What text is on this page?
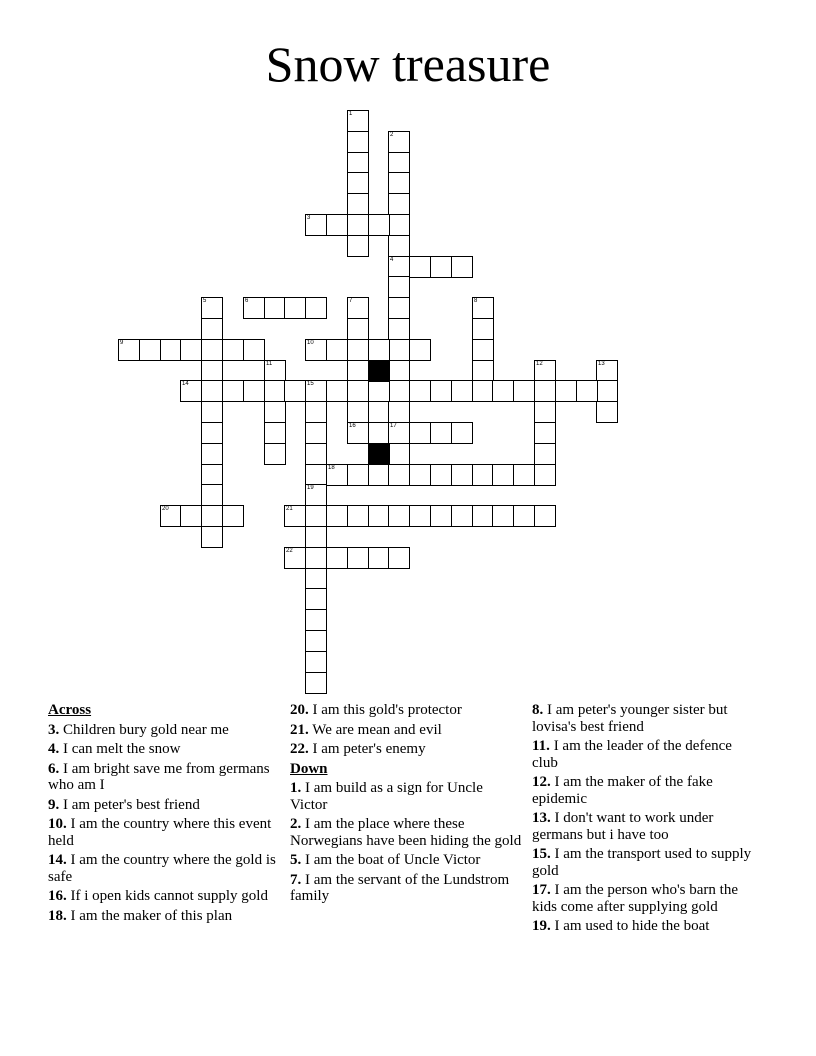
Snow treasure
1
2
4
3
5	6	7	8
9	10
11	12	13
14	15
16	17
18
19
20	21
22
Across
3. Children bury gold near me
4. I can melt the snow
6. I am bright save me from germans who am I
9. I am peter's best friend
10. I am the country where this event held
14. I am the country where the gold is safe
16. If i open kids cannot supply gold
18. I am the maker of this plan
20. I am this gold's protector
21. We are mean and evil
22. I am peter's enemy
Down
1. I am build as a sign for Uncle Victor
2. I am the place where these Norwegians have been hiding the gold
5. I am the boat of Uncle Victor
7. I am the servant of the Lundstrom family
8. I am peter's younger sister but lovisa's best friend
11. I am the leader of the defence club
12. I am the maker of the fake epidemic
13. I don't want to work under germans but i have too
15. I am the transport used to supply gold
17. I am the person who's barn the kids come after supplying gold
19. I am used to hide the boat
